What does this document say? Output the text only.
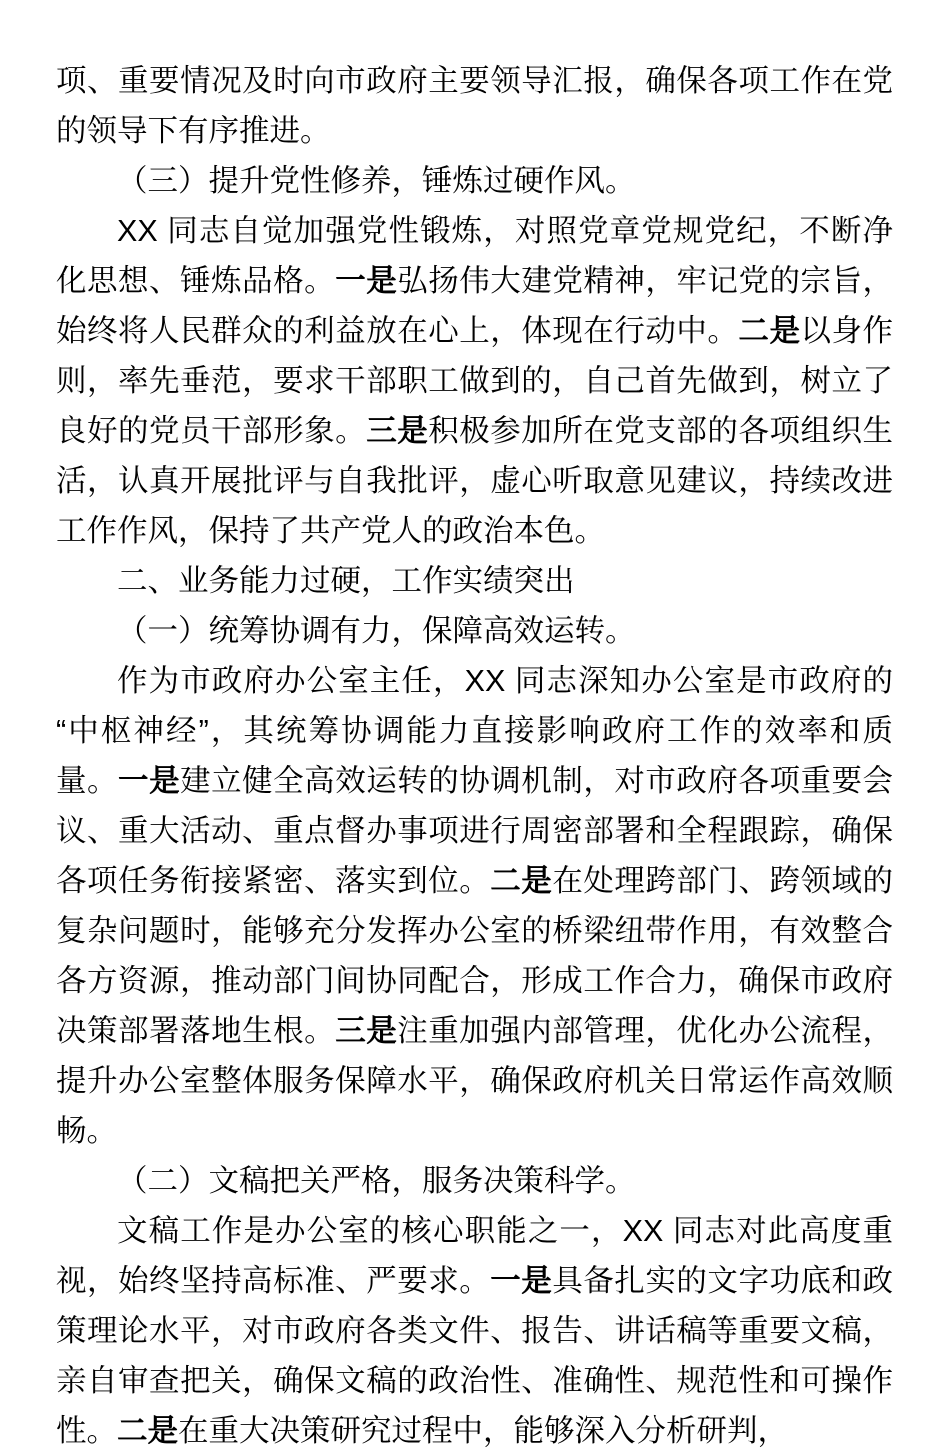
项、重要情况及时向市政府主要领导汇报，确保各项工作在党的领导下有序推进。

（三）提升党性修养，锤炼过硬作风。

XX 同志自觉加强党性锻炼，对照党章党规党纪，不断净化思想、锤炼品格。一是弘扬伟大建党精神，牢记党的宗旨，始终将人民群众的利益放在心上，体现在行动中。二是以身作则，率先垂范，要求干部职工做到的，自己首先做到，树立了良好的党员干部形象。三是积极参加所在党支部的各项组织生活，认真开展批评与自我批评，虚心听取意见建议，持续改进工作作风，保持了共产党人的政治本色。

二、业务能力过硬，工作实绩突出

（一）统筹协调有力，保障高效运转。

作为市政府办公室主任，XX 同志深知办公室是市政府的“中枢神经”，其统筹协调能力直接影响政府工作的效率和质量。一是建立健全高效运转的协调机制，对市政府各项重要会议、重大活动、重点督办事项进行周密部署和全程跟踪，确保各项任务衔接紧密、落实到位。二是在处理跨部门、跨领域的复杂问题时，能够充分发挥办公室的桥梁纽带作用，有效整合各方资源，推动部门间协同配合，形成工作合力，确保市政府决策部署落地生根。三是注重加强内部管理，优化办公流程，提升办公室整体服务保障水平，确保政府机关日常运作高效顺畅。

（二）文稿把关严格，服务决策科学。

文稿工作是办公室的核心职能之一，XX 同志对此高度重视，始终坚持高标准、严要求。一是具备扎实的文字功底和政策理论水平，对市政府各类文件、报告、讲话稿等重要文稿，亲自审查把关，确保文稿的政治性、准确性、规范性和可操作性。二是在重大决策研究过程中，能够深入分析研判，
